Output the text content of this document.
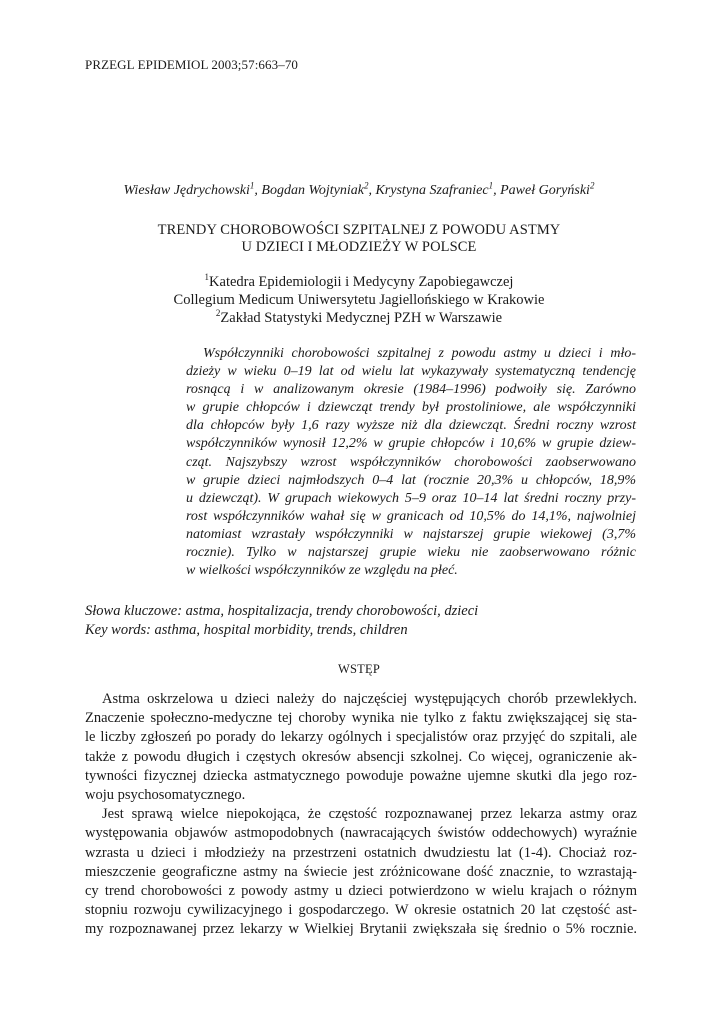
PRZEGL EPIDEMIOL 2003;57:663–70
Wiesław Jędrychowski$^1$, Bogdan Wojtyniak$^2$, Krystyna Szafraniec$^1$, Paweł Goryński$^2$
TRENDY CHOROBOWOŚCI SZPITALNEJ Z POWODU ASTMY
U DZIECI I MŁODZIEŻY W POLSCE
$^1$Katedra Epidemiologii i Medycyny Zapobiegawczej
Collegium Medicum Uniwersytetu Jagiellońskiego w Krakowie
$^2$Zakład Statystyki Medycznej PZH w Warszawie
Współczynniki chorobowości szpitalnej z powodu astmy u dzieci i mło-
dzieży w wieku 0–19 lat od wielu lat wykazywały systematyczną tendencję
rosnącą i w analizowanym okresie (1984–1996) podwoiły się. Zarówno
w grupie chłopców i dziewcząt trendy był prostoliniowe, ale współczynniki
dla chłopców były 1,6 razy wyższe niż dla dziewcząt. Średni roczny wzrost
współczynników wynosił 12,2% w grupie chłopców i 10,6% w grupie dziew-
cząt. Najszybszy wzrost współczynników chorobowości zaobserwowano
w grupie dzieci najmłodszych 0–4 lat (rocznie 20,3% u chłopców, 18,9%
u dziewcząt). W grupach wiekowych 5–9 oraz 10–14 lat średni roczny przy-
rost współczynników wahał się w granicach od 10,5% do 14,1%, najwolniej
natomiast wzrastały współczynniki w najstarszej grupie wiekowej (3,7%
rocznie). Tylko w najstarszej grupie wieku nie zaobserwowano różnic
w wielkości współczynników ze względu na płeć.
Słowa kluczowe: astma, hospitalizacja, trendy chorobowości, dzieci
Key words: asthma, hospital morbidity, trends, children
WSTĘP
Astma oskrzelowa u dzieci należy do najczęściej występujących chorób przewlekłych.
Znaczenie społeczno-medyczne tej choroby wynika nie tylko z faktu zwiększającej się sta-
le liczby zgłoszeń po porady do lekarzy ogólnych i specjalistów oraz przyjęć do szpitali, ale
także z powodu długich i częstych okresów absencji szkolnej. Co więcej, ograniczenie ak-
tywności fizycznej dziecka astmatycznego powoduje poważne ujemne skutki dla jego roz-
woju psychosomatycznego.
Jest sprawą wielce niepokojąca, że częstość rozpoznawanej przez lekarza astmy oraz
występowania objawów astmopodobnych (nawracających świstów oddechowych) wyraźnie
wzrasta u dzieci i młodzieży na przestrzeni ostatnich dwudziestu lat (1-4). Chociaż roz-
mieszczenie geograficzne astmy na świecie jest zróżnicowane dość znacznie, to wzrastają-
cy trend chorobowości z powody astmy u dzieci potwierdzono w wielu krajach o różnym
stopniu rozwoju cywilizacyjnego i gospodarczego. W okresie ostatnich 20 lat częstość ast-
my rozpoznawanej przez lekarzy w Wielkiej Brytanii zwiększała się średnio o 5% rocznie.
